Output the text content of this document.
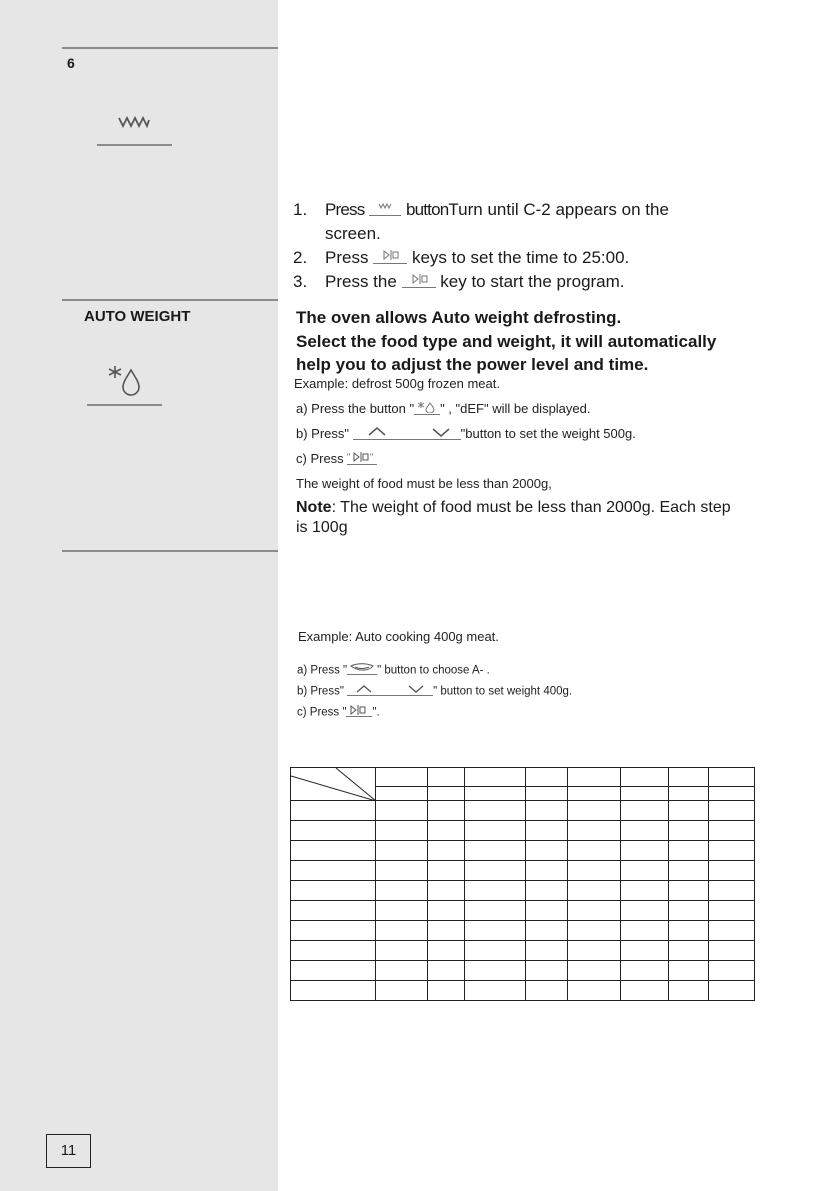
6
1. Press buttonTurn until C-2 appears on the
screen.
2. Press	keys to set the time to 25:00.
3. Press the	key to start the program.
AUTO WEIGHT	The oven allows Auto weight defrosting.
Select the food type and weight, it will automatically
help you to adjust the power level and time.
Example: defrost 500g frozen meat.
a) Press the button " " , "dEF" will be displayed.
b) Press"	"button to set the weight 500g.
c) Press " "
The weight of food must be less than 2000g,
Note: The weight of food must be less than 2000g. Each step
is 100g
Example: Auto cooking 400g meat.
a) Press "	" button to choose A- .
b) Press"	" button to set weight 400g.
c) Press " ".

11
